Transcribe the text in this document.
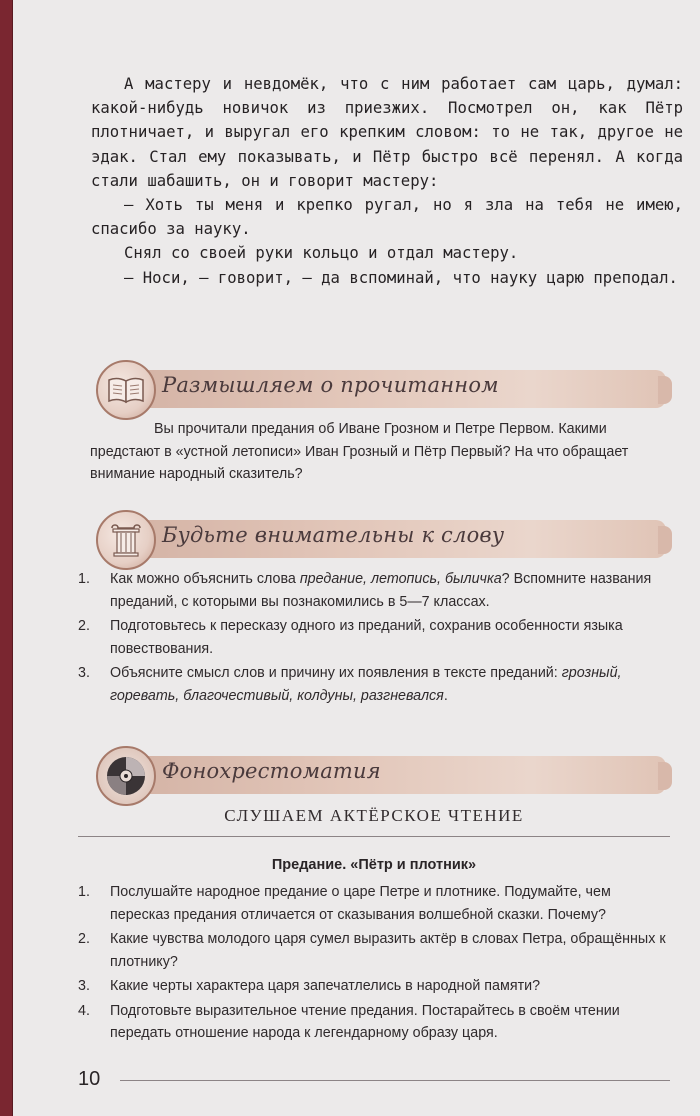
А мастеру и невдомёк, что с ним работает сам царь, думал: какой-нибудь новичок из приезжих. Посмотрел он, как Пётр плотничает, и выругал его крепким словом: то не так, другое не эдак. Стал ему показывать, и Пётр быстро всё перенял. А когда стали шабашить, он и говорит мастеру:

— Хоть ты меня и крепко ругал, но я зла на тебя не имею, спасибо за науку.

Снял со своей руки кольцо и отдал мастеру.

— Носи, — говорит, — да вспоминай, что науку царю преподал.

Размышляем о прочитанном
Вы прочитали предания об Иване Грозном и Петре Первом. Какими предстают в «устной летописи» Иван Грозный и Пётр Первый? На что обращает внимание народный сказитель?
Будьте внимательны к слову
1.	Как можно объяснить слова предание, летопись, быличка? Вспомните названия преданий, с которыми вы познакомились в 5—7 классах.
2.	Подготовьтесь к пересказу одного из преданий, сохранив особенности языка повествования.
3.	Объясните смысл слов и причину их появления в тексте преданий: грозный, горевать, благочестивый, колдуны, разгневался.
Фонохрестоматия
СЛУШАЕМ АКТЁРСКОЕ ЧТЕНИЕ
Предание. «Пётр и плотник»
1.	Послушайте народное предание о царе Петре и плотнике. Подумайте, чем пересказ предания отличается от сказывания волшебной сказки. Почему?
2.	Какие чувства молодого царя сумел выразить актёр в словах Петра, обращённых к плотнику?
3.	Какие черты характера царя запечатлелись в народной памяти?
4.	Подготовьте выразительное чтение предания. Постарайтесь в своём чтении передать отношение народа к легендарному образу царя.
10
